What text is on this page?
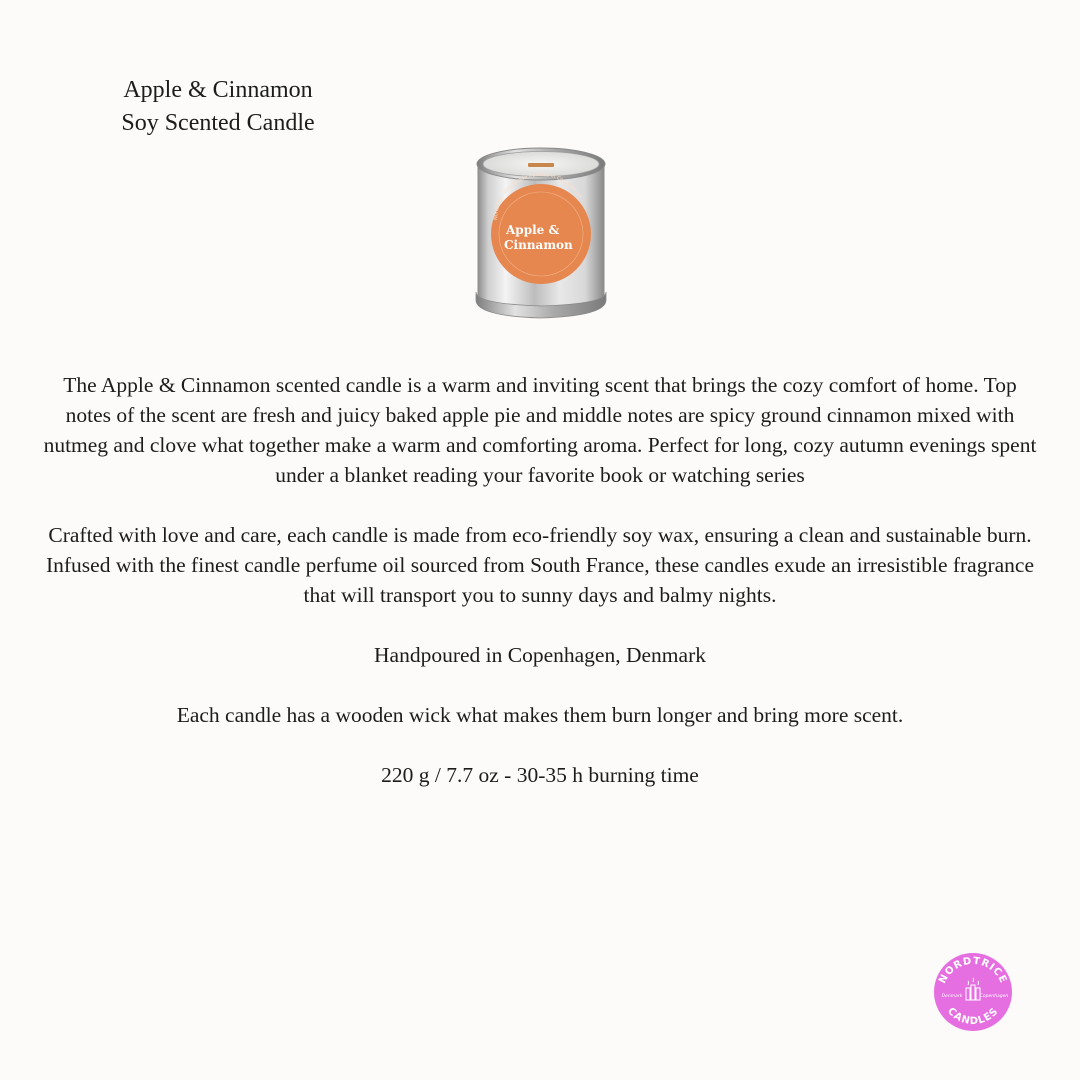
Apple & Cinnamon
Soy Scented Candle
Nordtrice · Handmade Candles in Copenhagen ·
Apple &
Cinnamon

The Apple & Cinnamon scented candle is a warm and inviting scent that brings the cozy comfort of home. Top notes of the scent are fresh and juicy baked apple pie and middle notes are spicy ground cinnamon mixed with nutmeg and clove what together make a warm and comforting aroma. Perfect for long, cozy autumn evenings spent under a blanket reading your favorite book or watching series

Crafted with love and care, each candle is made from eco-friendly soy wax, ensuring a clean and sustainable burn. Infused with the finest candle perfume oil sourced from South France, these candles exude an irresistible fragrance that will transport you to sunny days and balmy nights.

Handpoured in Copenhagen, Denmark

Each candle has a wooden wick what makes them burn longer and bring more scent.

220 g / 7.7 oz - 30-35 h burning time

NORDTRICE
CANDLES
Denmark	Copenhagen
